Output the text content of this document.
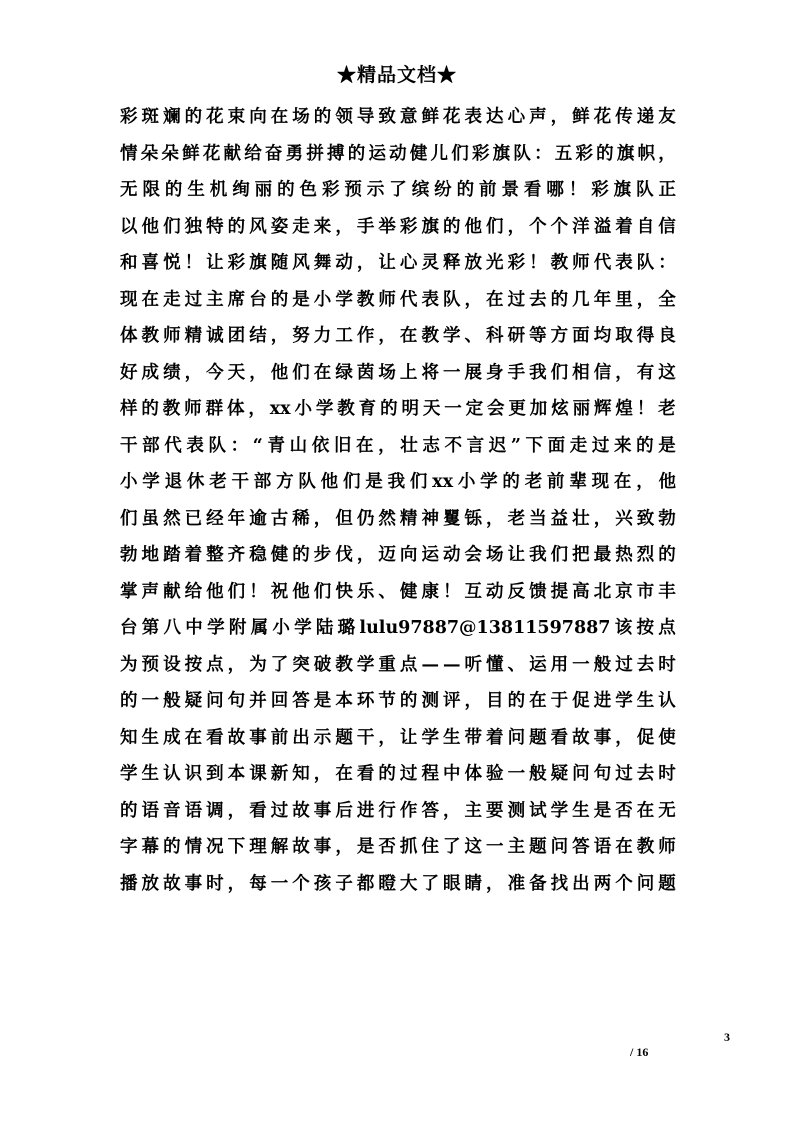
★精品文档★
彩 斑 斓 的 花 束 向 在 场 的 领 导 致 意 鲜 花 表 达 心 声 ， 鲜 花 传 递 友
情 朵 朵 鲜 花 献 给 奋 勇 拼 搏 的 运 动 健 儿 们 彩 旗 队 ： 五 彩 的 旗 帜 ，
无 限 的 生 机 绚 丽 的 色 彩 预 示 了 缤 纷 的 前 景 看 哪 ！ 彩 旗 队 正
以 他 们 独 特 的 风 姿 走 来 ， 手 举 彩 旗 的 他 们 ， 个 个 洋 溢 着 自 信
和 喜 悦 ！ 让 彩 旗 随 风 舞 动 ， 让 心 灵 释 放 光 彩 ！ 教 师 代 表 队 ：
现 在 走 过 主 席 台 的 是 小 学 教 师 代 表 队 ， 在 过 去 的 几 年 里 ， 全
体 教 师 精 诚 团 结 ， 努 力 工 作 ， 在 教 学 、 科 研 等 方 面 均 取 得 良
好 成 绩 ， 今 天 ， 他 们 在 绿 茵 场 上 将 一 展 身 手 我 们 相 信 ， 有 这
样 的 教 师 群 体 ， xx 小 学 教 育 的 明 天 一 定 会 更 加 炫 丽 辉 煌 ！ 老
干 部 代 表 队 ： “ 青 山 依 旧 在 ， 壮 志 不 言 迟 ” 下 面 走 过 来 的 是
小 学 退 休 老 干 部 方 队 他 们 是 我 们 xx 小 学 的 老 前 辈 现 在 ， 他
们 虽 然 已 经 年 逾 古 稀 ， 但 仍 然 精 神 矍 铄 ， 老 当 益 壮 ， 兴 致 勃
勃 地 踏 着 整 齐 稳 健 的 步 伐 ， 迈 向 运 动 会 场 让 我 们 把 最 热 烈 的
掌 声 献 给 他 们 ！ 祝 他 们 快 乐 、 健 康 ！ 互 动 反 馈 提 高 北 京 市 丰
台 第 八 中 学 附 属 小 学 陆 璐 lulu97887@13811597887 该 按 点
为 预 设 按 点 ， 为 了 突 破 教 学 重 点 — — 听 懂 、 运 用 一 般 过 去 时
的 一 般 疑 问 句 并 回 答 是 本 环 节 的 测 评 ， 目 的 在 于 促 进 学 生 认
知 生 成 在 看 故 事 前 出 示 题 干 ， 让 学 生 带 着 问 题 看 故 事 ， 促 使
学 生 认 识 到 本 课 新 知 ， 在 看 的 过 程 中 体 验 一 般 疑 问 句 过 去 时
的 语 音 语 调 ， 看 过 故 事 后 进 行 作 答 ， 主 要 测 试 学 生 是 否 在 无
字 幕 的 情 况 下 理 解 故 事 ， 是 否 抓 住 了 这 一 主 题 问 答 语 在 教 师
播 放 故 事 时 ， 每 一 个 孩 子 都 瞪 大 了 眼 睛 ， 准 备 找 出 两 个 问 题
3
/ 16
